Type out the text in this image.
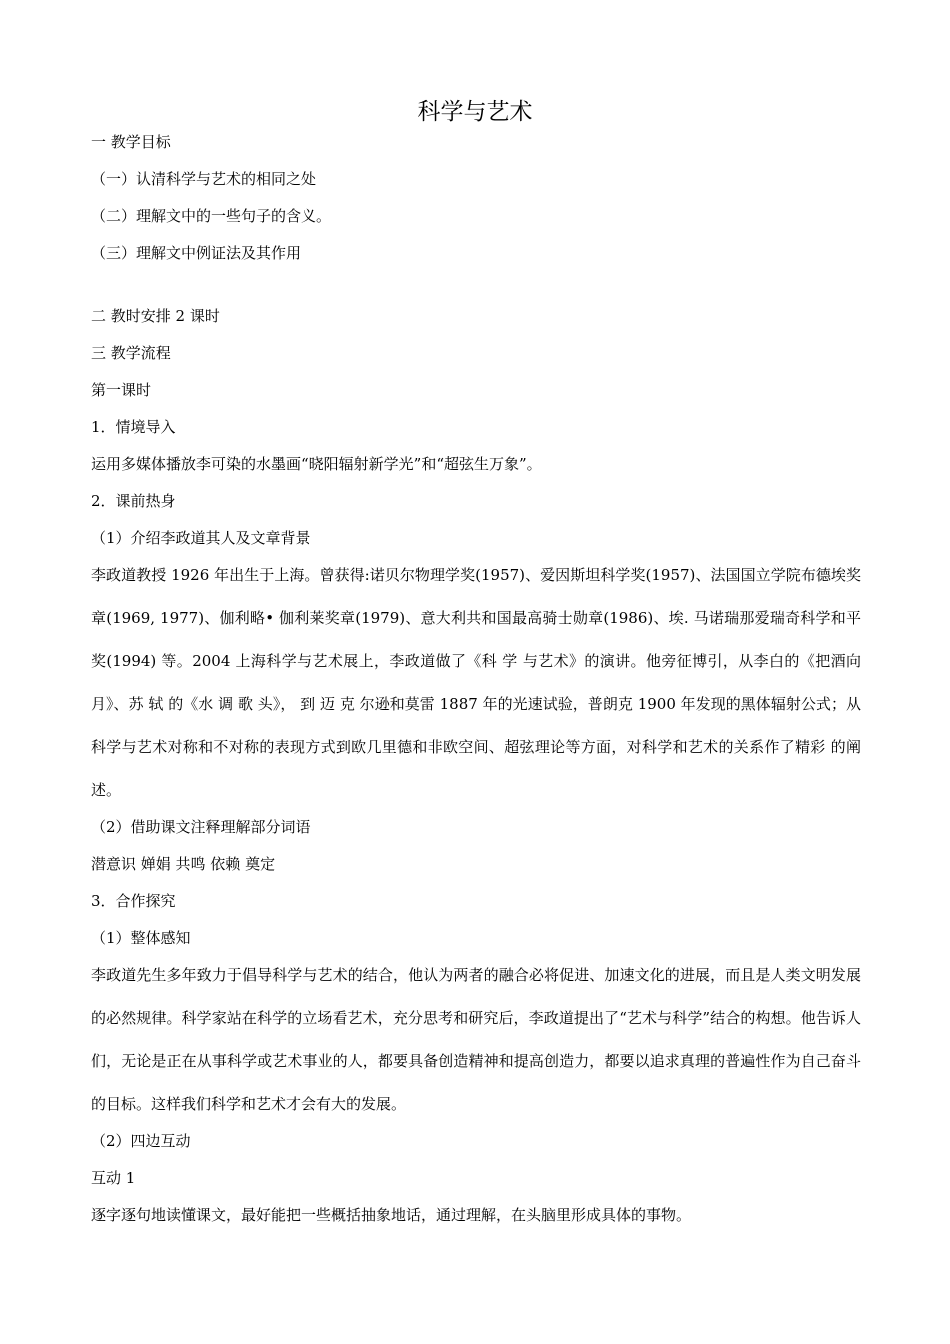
科学与艺术
一 教学目标
（一）认清科学与艺术的相同之处
（二）理解文中的一些句子的含义。
（三）理解文中例证法及其作用
二 教时安排 2 课时
三 教学流程
第一课时
1．情境导入
运用多媒体播放李可染的水墨画“晓阳辐射新学光”和“超弦生万象”。
2．课前热身
（1）介绍李政道其人及文章背景
李政道教授 1926 年出生于上海。曾获得:诺贝尔物理学奖(1957)、爱因斯坦科学奖(1957)、法国国立学院布德埃奖章(1969, 1977)、伽利略• 伽利莱奖章(1979)、意大利共和国最高骑士勋章(1986)、埃. 马诺瑞那爱瑞奇科学和平奖(1994) 等。2004 上海科学与艺术展上，李政道做了《科 学 与艺术》的演讲。他旁征博引，从李白的《把酒向月》、苏 轼 的《水 调 歌 头》， 到 迈 克 尔逊和莫雷 1887 年的光速试验，普朗克 1900 年发现的黑体辐射公式；从科学与艺术对称和不对称的表现方式到欧几里德和非欧空间、超弦理论等方面，对科学和艺术的关系作了精彩 的阐述。
（2）借助课文注释理解部分词语
潜意识 婵娟 共鸣 依赖 奠定
3．合作探究
（1）整体感知
李政道先生多年致力于倡导科学与艺术的结合，他认为两者的融合必将促进、加速文化的进展，而且是人类文明发展的必然规律。科学家站在科学的立场看艺术，充分思考和研究后，李政道提出了“艺术与科学”结合的构想。他告诉人们，无论是正在从事科学或艺术事业的人，都要具备创造精神和提高创造力，都要以追求真理的普遍性作为自己奋斗的目标。这样我们科学和艺术才会有大的发展。
（2）四边互动
互动 1
逐字逐句地读懂课文，最好能把一些概括抽象地话，通过理解，在头脑里形成具体的事物。
